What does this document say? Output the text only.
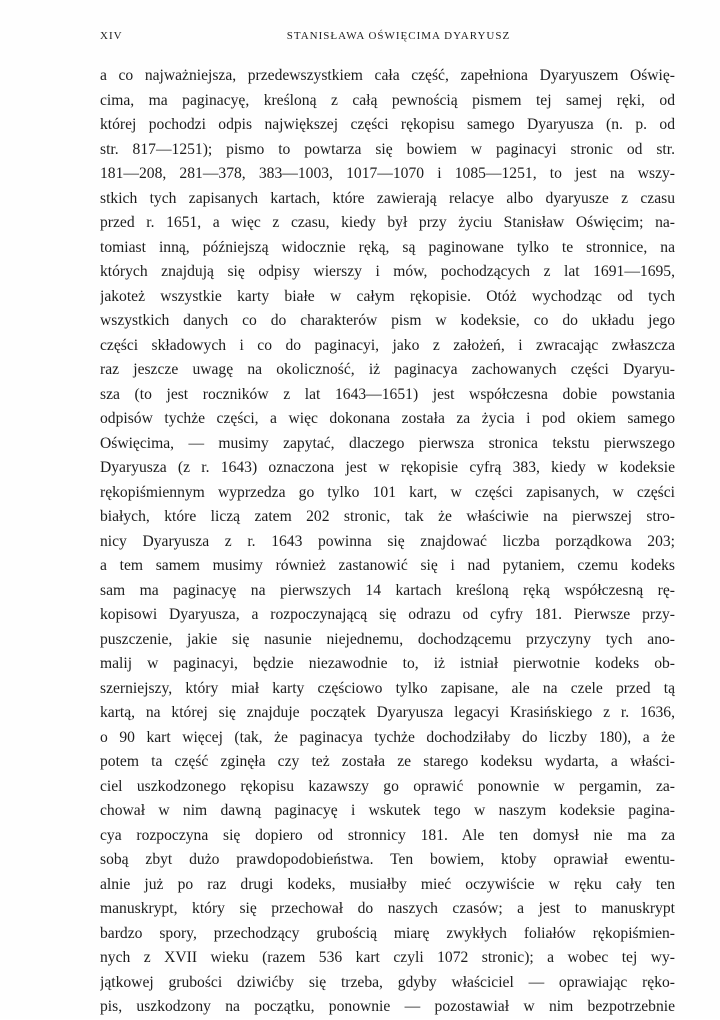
XIV	STANISŁAWA OŚWIĘCIMA DYARYUSZ
a co najważniejsza, przedewszystkiem cała część, zapełniona Dyaryuszem Oświę-
cima, ma paginacyę, kreśloną z całą pewnością pismem tej samej ręki, od
której pochodzi odpis największej części rękopisu samego Dyaryusza (n. p. od
str. 817—1251); pismo to powtarza się bowiem w paginacyi stronic od str.
181—208, 281—378, 383—1003, 1017—1070 i 1085—1251, to jest na wszy-
stkich tych zapisanych kartach, które zawierają relacye albo dyaryusze z czasu
przed r. 1651, a więc z czasu, kiedy był przy życiu Stanisław Oświęcim; na-
tomiast inną, późniejszą widocznie ręką, są paginowane tylko te stronnice, na
których znajdują się odpisy wierszy i mów, pochodzących z lat 1691—1695,
jakoteż wszystkie karty białe w całym rękopisie. Otóż wychodząc od tych
wszystkich danych co do charakterów pism w kodeksie, co do układu jego
części składowych i co do paginacyi, jako z założeń, i zwracając zwłaszcza
raz jeszcze uwagę na okoliczność, iż paginacya zachowanych części Dyaryu-
sza (to jest roczników z lat 1643—1651) jest współczesna dobie powstania
odpisów tychże części, a więc dokonana została za życia i pod okiem samego
Oświęcima, — musimy zapytać, dlaczego pierwsza stronica tekstu pierwszego
Dyaryusza (z r. 1643) oznaczona jest w rękopisie cyfrą 383, kiedy w kodeksie
rękopiśmiennym wyprzedza go tylko 101 kart, w części zapisanych, w części
białych, które liczą zatem 202 stronic, tak że właściwie na pierwszej stro-
nicy Dyaryusza z r. 1643 powinna się znajdować liczba porządkowa 203;
a tem samem musimy również zastanowić się i nad pytaniem, czemu kodeks
sam ma paginacyę na pierwszych 14 kartach kreśloną ręką współczesną rę-
kopisowi Dyaryusza, a rozpoczynającą się odrazu od cyfry 181. Pierwsze przy-
puszczenie, jakie się nasunie niejednemu, dochodzącemu przyczyny tych ano-
malij w paginacyi, będzie niezawodnie to, iż istniał pierwotnie kodeks ob-
szerniejszy, który miał karty częściowo tylko zapisane, ale na czele przed tą
kartą, na której się znajduje początek Dyaryusza legacyi Krasińskiego z r. 1636,
o 90 kart więcej (tak, że paginacya tychże dochodziłaby do liczby 180), a że
potem ta część zginęła czy też została ze starego kodeksu wydarta, a właści-
ciel uszkodzonego rękopisu kazawszy go oprawić ponownie w pergamin, za-
chował w nim dawną paginacyę i wskutek tego w naszym kodeksie pagina-
cya rozpoczyna się dopiero od stronnicy 181. Ale ten domysł nie ma za
sobą zbyt dużo prawdopodobieństwa. Ten bowiem, ktoby oprawiał ewentu-
alnie już po raz drugi kodeks, musiałby mieć oczywiście w ręku cały ten
manuskrypt, który się przechował do naszych czasów; a jest to manuskrypt
bardzo spory, przechodzący grubością miarę zwykłych foliałów rękopiśmien-
nych z XVII wieku (razem 536 kart czyli 1072 stronic); a wobec tej wy-
jątkowej grubości dziwićby się trzeba, gdyby właściciel — oprawiając ręko-
pis, uszkodzony na początku, ponownie — pozostawiał w nim bezpotrzebnie
